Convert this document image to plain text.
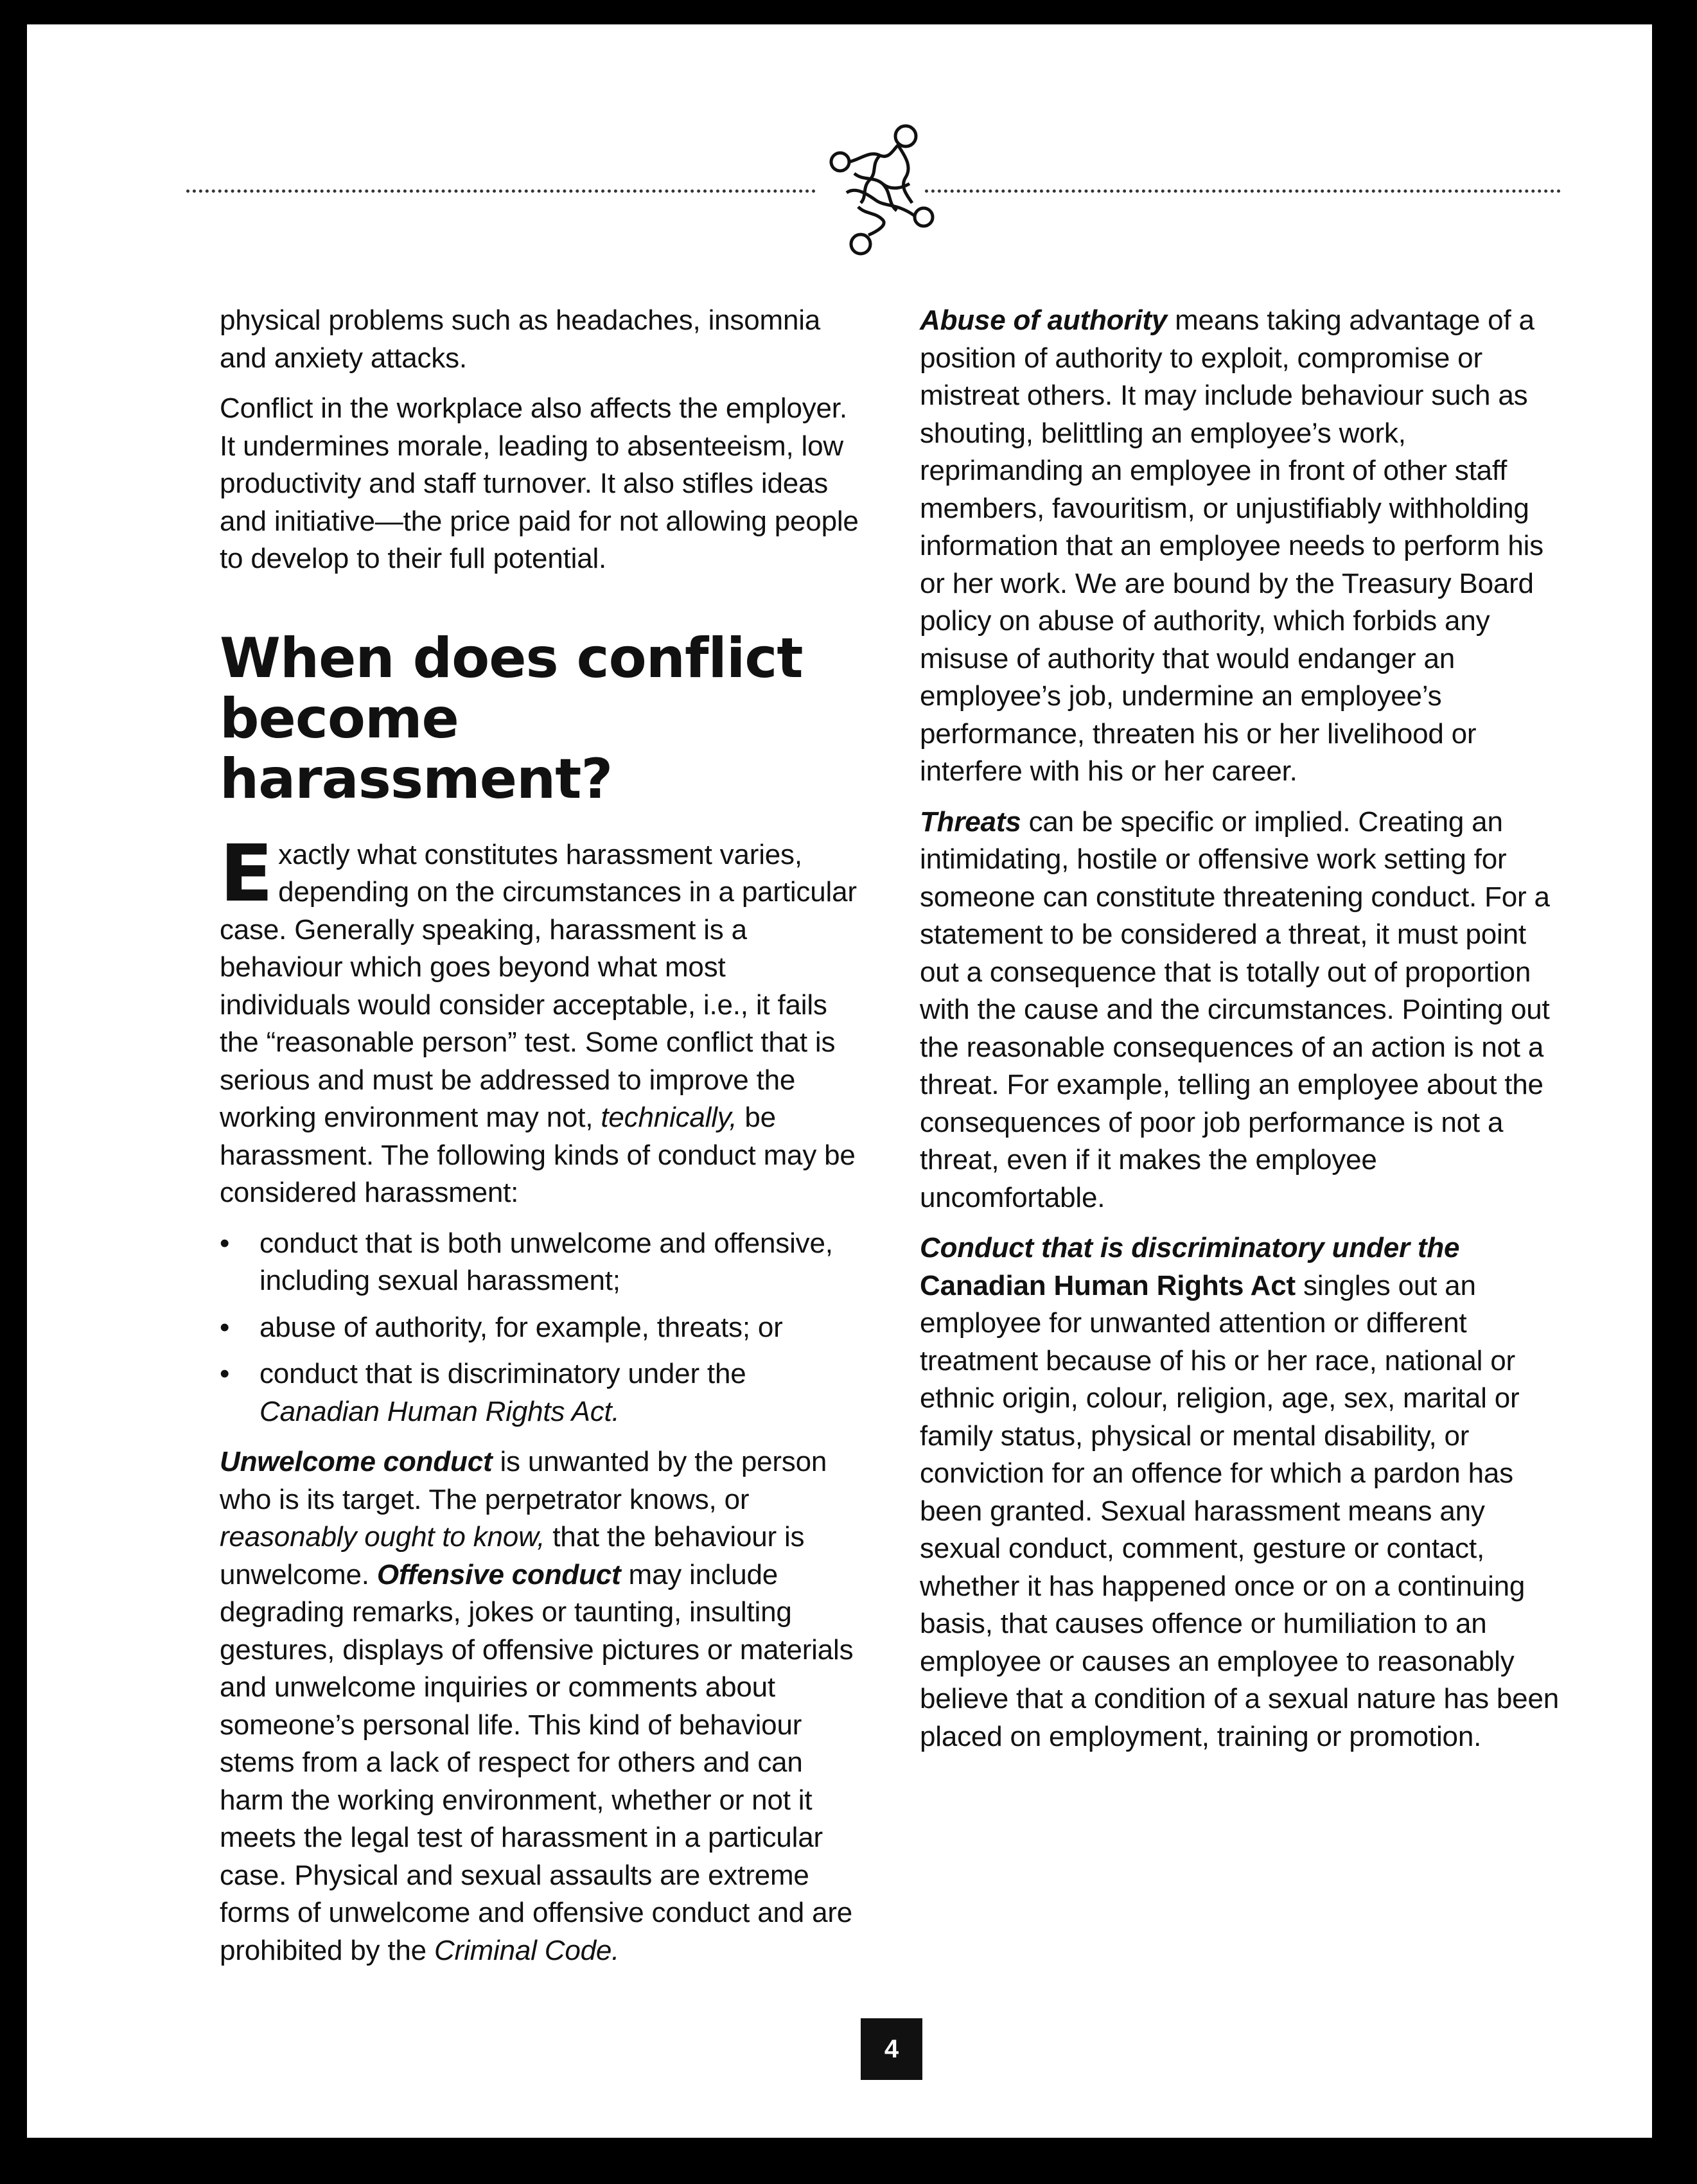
physical problems such as headaches, insomnia and anxiety attacks.

Conflict in the workplace also affects the employer. It undermines morale, leading to absenteeism, low productivity and staff turnover. It also stifles ideas and initiative—the price paid for not allowing people to develop to their full potential.

When does conflict
become harassment?

Exactly what constitutes harassment varies, depending on the circumstances in a particular case. Generally speaking, harassment is a behaviour which goes beyond what most individuals would consider acceptable, i.e., it fails the “reasonable person” test. Some conflict that is serious and must be addressed to improve the working environment may not, technically, be harassment. The following kinds of conduct may be considered harassment:

• conduct that is both unwelcome and offensive, including sexual harassment;
• abuse of authority, for example, threats; or
• conduct that is discriminatory under the Canadian Human Rights Act.

Unwelcome conduct is unwanted by the person who is its target. The perpetrator knows, or reasonably ought to know, that the behaviour is unwelcome. Offensive conduct may include degrading remarks, jokes or taunting, insulting gestures, displays of offensive pictures or materials and unwelcome inquiries or comments about someone’s personal life. This kind of behaviour stems from a lack of respect for others and can harm the working environment, whether or not it meets the legal test of harassment in a particular case. Physical and sexual assaults are extreme forms of unwelcome and offensive conduct and are prohibited by the Criminal Code.

Abuse of authority means taking advantage of a position of authority to exploit, compromise or mistreat others. It may include behaviour such as shouting, belittling an employee’s work, reprimanding an employee in front of other staff members, favouritism, or unjustifiably withholding information that an employee needs to perform his or her work. We are bound by the Treasury Board policy on abuse of authority, which forbids any misuse of authority that would endanger an employee’s job, undermine an employee’s performance, threaten his or her livelihood or interfere with his or her career.

Threats can be specific or implied. Creating an intimidating, hostile or offensive work setting for someone can constitute threatening conduct. For a statement to be considered a threat, it must point out a consequence that is totally out of proportion with the cause and the circumstances. Pointing out the reasonable consequences of an action is not a threat. For example, telling an employee about the consequences of poor job performance is not a threat, even if it makes the employee uncomfortable.

Conduct that is discriminatory under the
Canadian Human Rights Act singles out an employee for unwanted attention or different treatment because of his or her race, national or ethnic origin, colour, religion, age, sex, marital or family status, physical or mental disability, or conviction for an offence for which a pardon has been granted. Sexual harassment means any sexual conduct, comment, gesture or contact, whether it has happened once or on a continuing basis, that causes offence or humiliation to an employee or causes an employee to reasonably believe that a condition of a sexual nature has been placed on employment, training or promotion.

4
